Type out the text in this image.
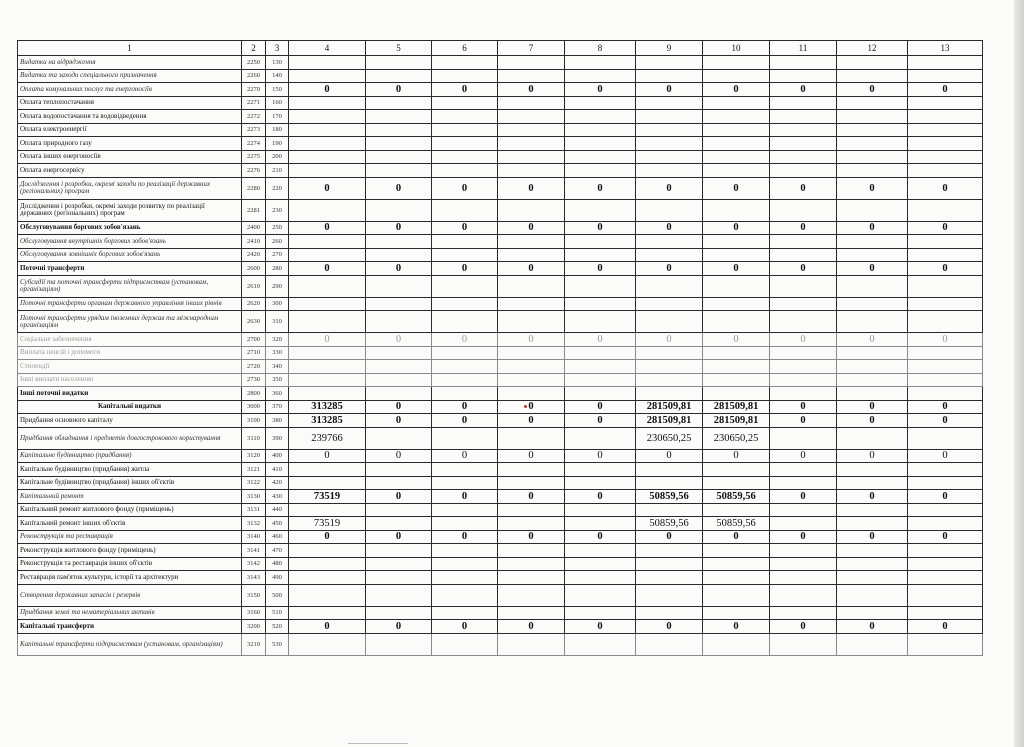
1	2	3	4	5	6	7	8	9	10	11	12	13
Видатки на відрядження	2250	130										
Видатки та заходи спеціального призначення	2260	140										
Оплата комунальних послуг та енергоносіїв	2270	150	0	0	0	0	0	0	0	0	0	0
Оплата теплопостачання	2271	160										
Оплата водопостачання та водовідведення	2272	170										
Оплата електроенергії	2273	180										
Оплата природного газу	2274	190										
Оплата інших енергоносіїв	2275	200										
Оплата енергосервісу	2276	210										
Дослідження і розробки, окремі заходи по реалізації державних (регіональних) програм	2280	220	0	0	0	0	0	0	0	0	0	0
Дослідження і розробки, окремі заходи розвитку по реалізації державних (регіональних) програм	2281	230										
Обслуговування боргових зобов'язань	2400	250	0	0	0	0	0	0	0	0	0	0
Обслуговування внутрішніх боргових зобов'язань	2410	260										
Обслуговування зовнішніх боргових зобов'язань	2420	270										
Поточні трансферти	2600	280	0	0	0	0	0	0	0	0	0	0
Субсидії та поточні трансферти підприємствам (установам, організаціям)	2610	290										
Поточні трансферти органам державного управління інших рівнів	2620	300										
Поточні трансферти урядам іноземних держав та міжнародним організаціям	2630	310										
Соціальне забезпечення	2700	320	0	0	0	0	0	0	0	0	0	0
Виплата пенсій і допомоги	2710	330										
Стипендії	2720	340										
Інші виплати населенню	2730	350										
Інші поточні видатки	2800	360										
Капітальні видатки	3000	370	313285	0	0	0	0	281509,81	281509,81	0	0	0
Придбання основного капіталу	3100	380	313285	0	0	0	0	281509,81	281509,81	0	0	0
Придбання обладнання і предметів довгострокового користування	3110	390	239766					230650,25	230650,25			
Капітальне будівництво (придбання)	3120	400	0	0	0	0	0	0	0	0	0	0
Капітальне будівництво (придбання) житла	3121	410										
Капітальне будівництво (придбання) інших об'єктів	3122	420										
Капітальний ремонт	3130	430	73519	0	0	0	0	50859,56	50859,56	0	0	0
Капітальний ремонт житлового фонду (приміщень)	3131	440										
Капітальний ремонт інших об'єктів	3132	450	73519					50859,56	50859,56			
Реконструкція та реставрація	3140	460	0	0	0	0	0	0	0	0	0	0
Реконструкція житлового фонду (приміщень)	3141	470										
Реконструкція та реставрація інших об'єктів	3142	480										
Реставрація пам'яток культури, історії та архітектури	3143	490										
Створення державних запасів і резервів	3150	500										
Придбання землі та нематеріальних активів	3160	510										
Капітальні трансферти	3200	520	0	0	0	0	0	0	0	0	0	0
Капітальні трансферти підприємствам (установам, організаціям)	3210	530										
